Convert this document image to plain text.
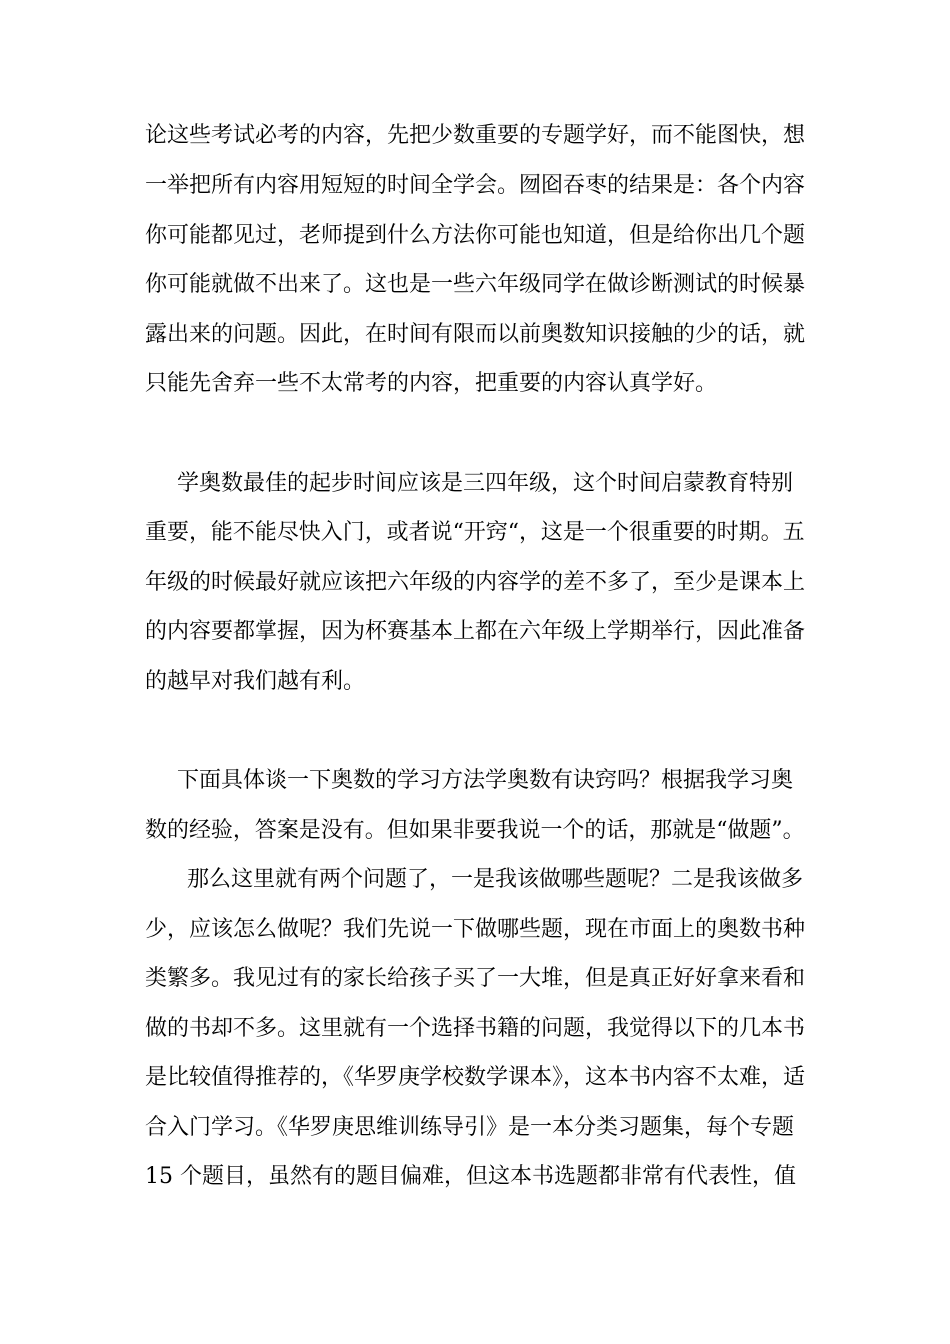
论这些考试必考的内容，先把少数重要的专题学好，而不能图快，想
一举把所有内容用短短的时间全学会。囫囵吞枣的结果是：各个内容
你可能都见过，老师提到什么方法你可能也知道，但是给你出几个题
你可能就做不出来了。这也是一些六年级同学在做诊断测试的时候暴
露出来的问题。因此，在时间有限而以前奥数知识接触的少的话，就
只能先舍弃一些不太常考的内容，把重要的内容认真学好。
学奥数最佳的起步时间应该是三四年级，这个时间启蒙教育特别
重要，能不能尽快入门，或者说“开窍“，这是一个很重要的时期。五
年级的时候最好就应该把六年级的内容学的差不多了，至少是课本上
的内容要都掌握，因为杯赛基本上都在六年级上学期举行，因此准备
的越早对我们越有利。
下面具体谈一下奥数的学习方法学奥数有诀窍吗？根据我学习奥
数的经验，答案是没有。但如果非要我说一个的话，那就是“做题”。
那么这里就有两个问题了，一是我该做哪些题呢？二是我该做多
少，应该怎么做呢？我们先说一下做哪些题，现在市面上的奥数书种
类繁多。我见过有的家长给孩子买了一大堆，但是真正好好拿来看和
做的书却不多。这里就有一个选择书籍的问题，我觉得以下的几本书
是比较值得推荐的，《华罗庚学校数学课本》，这本书内容不太难，适
合入门学习。《华罗庚思维训练导引》是一本分类习题集，每个专题
15 个题目，虽然有的题目偏难，但这本书选题都非常有代表性，值
